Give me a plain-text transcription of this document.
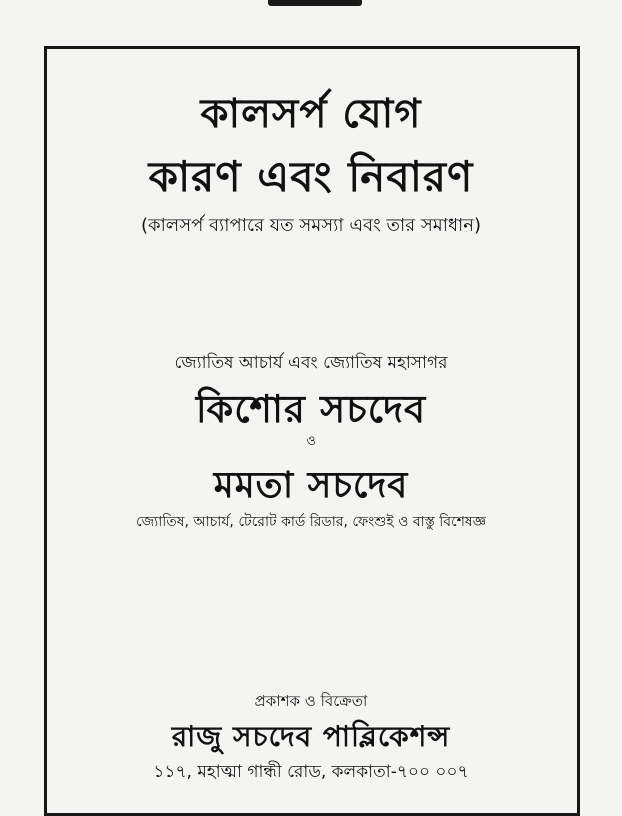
কালসর্প যোগ
কারণ এবং নিবারণ
(কালসর্প ব্যাপারে যত সমস্যা এবং তার সমাধান)
জ্যোতিষ আচার্য এবং জ্যোতিষ মহাসাগর
কিশোর সচদেব
ও
মমতা সচদেব
জ্যোতিষ, আচার্য, টেরোট কার্ড রিডার, ফেংশুই ও বাস্তু বিশেষজ্ঞ
প্রকাশক ও বিক্রেতা
রাজু সচদেব পাব্লিকেশন্স
১১৭, মহাত্মা গান্ধী রোড, কলকাতা-৭০০ ০০৭
